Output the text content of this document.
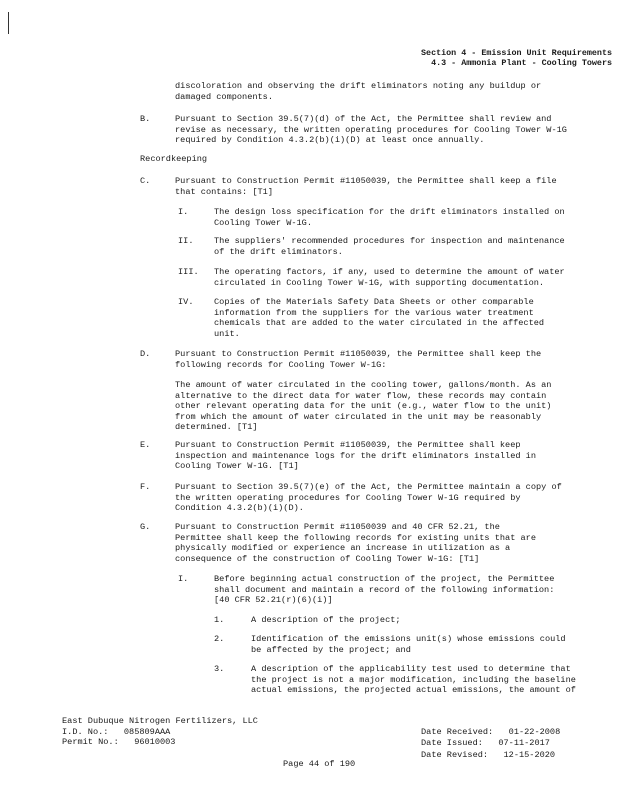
Section 4 - Emission Unit Requirements
4.3 - Ammonia Plant - Cooling Towers

discoloration and observing the drift eliminators noting any buildup or
damaged components.

B.	Pursuant to Section 39.5(7)(d) of the Act, the Permittee shall review and
revise as necessary, the written operating procedures for Cooling Tower W-1G
required by Condition 4.3.2(b)(i)(D) at least once annually.

Recordkeeping

C.	Pursuant to Construction Permit #11050039, the Permittee shall keep a file
that contains: [T1]

I.	The design loss specification for the drift eliminators installed on
Cooling Tower W-1G.

II. The suppliers' recommended procedures for inspection and maintenance
of the drift eliminators.

III. The operating factors, if any, used to determine the amount of water
circulated in Cooling Tower W-1G, with supporting documentation.

IV. Copies of the Materials Safety Data Sheets or other comparable
information from the suppliers for the various water treatment
chemicals that are added to the water circulated in the affected
unit.

D.	Pursuant to Construction Permit #11050039, the Permittee shall keep the
following records for Cooling Tower W-1G:

The amount of water circulated in the cooling tower, gallons/month. As an
alternative to the direct data for water flow, these records may contain
other relevant operating data for the unit (e.g., water flow to the unit)
from which the amount of water circulated in the unit may be reasonably
determined. [T1]

E.	Pursuant to Construction Permit #11050039, the Permittee shall keep
inspection and maintenance logs for the drift eliminators installed in
Cooling Tower W-1G. [T1]

F.	Pursuant to Section 39.5(7)(e) of the Act, the Permittee maintain a copy of
the written operating procedures for Cooling Tower W-1G required by
Condition 4.3.2(b)(i)(D).

G.	Pursuant to Construction Permit #11050039 and 40 CFR 52.21, the
Permittee shall keep the following records for existing units that are
physically modified or experience an increase in utilization as a
consequence of the construction of Cooling Tower W-1G: [T1]

I.	Before beginning actual construction of the project, the Permittee
shall document and maintain a record of the following information:
[40 CFR 52.21(r)(6)(i)]

1.	A description of the project;

2.	Identification of the emissions unit(s) whose emissions could
be affected by the project; and

3.	A description of the applicability test used to determine that
the project is not a major modification, including the baseline
actual emissions, the projected actual emissions, the amount of

East Dubuque Nitrogen Fertilizers, LLC

I.D. No.:   085809AAA

Permit No.:   96010003

Date Received:   01-22-2008

Date Issued:   07-11-2017

Date Revised:   12-15-2020

Page 44 of 190
